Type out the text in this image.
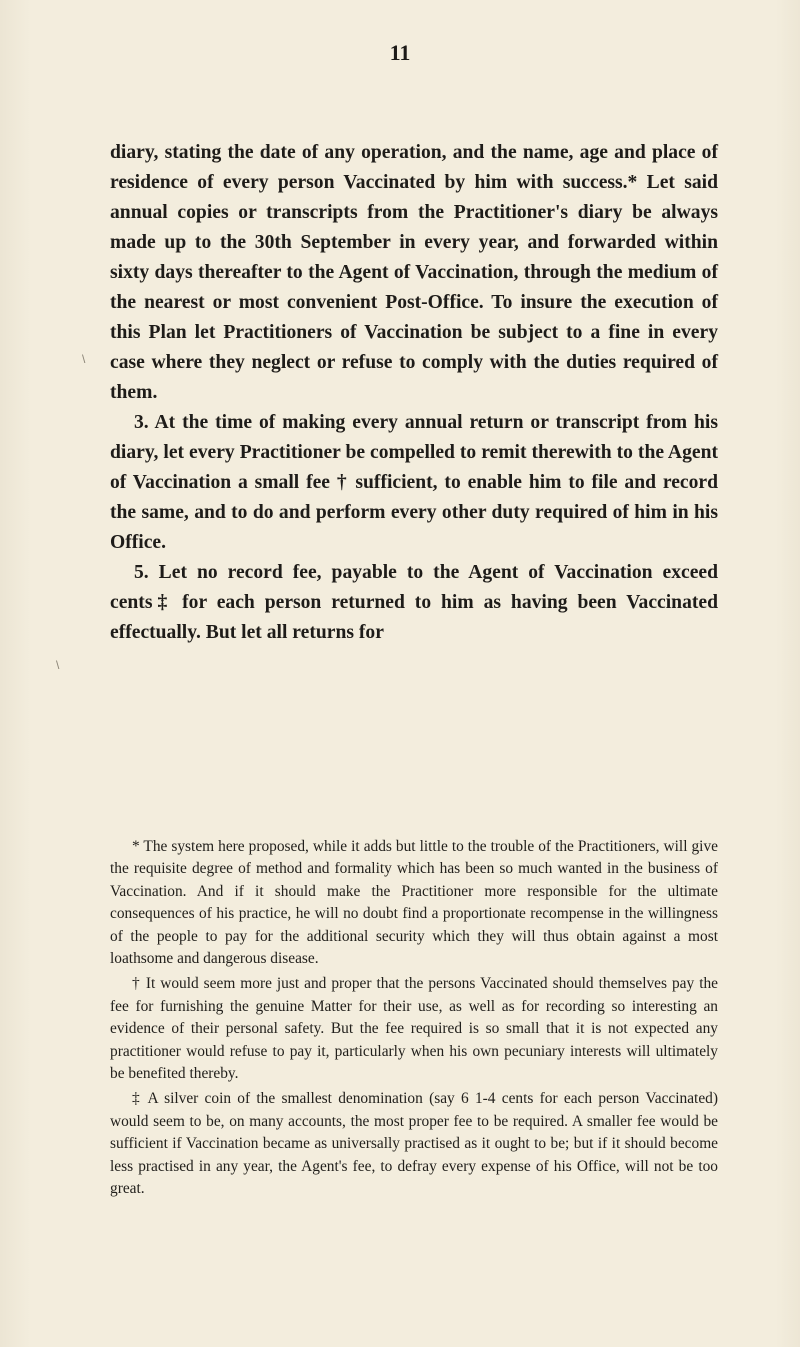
11
\
\

diary, stating the date of any operation, and the name, age and place of residence of every person Vaccinated by him with success.* Let said annual copies or transcripts from the Practitioner's diary be always made up to the 30th September in every year, and forwarded within sixty days thereafter to the Agent of Vaccination, through the medium of the nearest or most convenient Post-Office. To insure the execution of this Plan let Practitioners of Vaccination be subject to a fine in every case where they neglect or refuse to comply with the duties required of them.

3. At the time of making every annual return or transcript from his diary, let every Practitioner be compelled to remit therewith to the Agent of Vaccination a small fee † sufficient, to enable him to file and record the same, and to do and perform every other duty required of him in his Office.

5. Let no record fee, payable to the Agent of Vaccination exceed              cents‡ for each person returned to him as having been Vaccinated effectually. But let all returns for

* The system here proposed, while it adds but little to the trouble of the Practitioners, will give the requisite degree of method and formality which has been so much wanted in the business of Vaccination. And if it should make the Practitioner more responsible for the ultimate consequences of his practice, he will no doubt find a proportionate recompense in the willingness of the people to pay for the additional security which they will thus obtain against a most loathsome and dangerous disease.

† It would seem more just and proper that the persons Vaccinated should themselves pay the fee for furnishing the genuine Matter for their use, as well as for recording so interesting an evidence of their personal safety. But the fee required is so small that it is not expected any practitioner would refuse to pay it, particularly when his own pecuniary interests will ultimately be benefited thereby.

‡ A silver coin of the smallest denomination (say 6 1-4 cents for each person Vaccinated) would seem to be, on many accounts, the most proper fee to be required. A smaller fee would be sufficient if Vaccination became as universally practised as it ought to be; but if it should become less practised in any year, the Agent's fee, to defray every expense of his Office, will not be too great.
